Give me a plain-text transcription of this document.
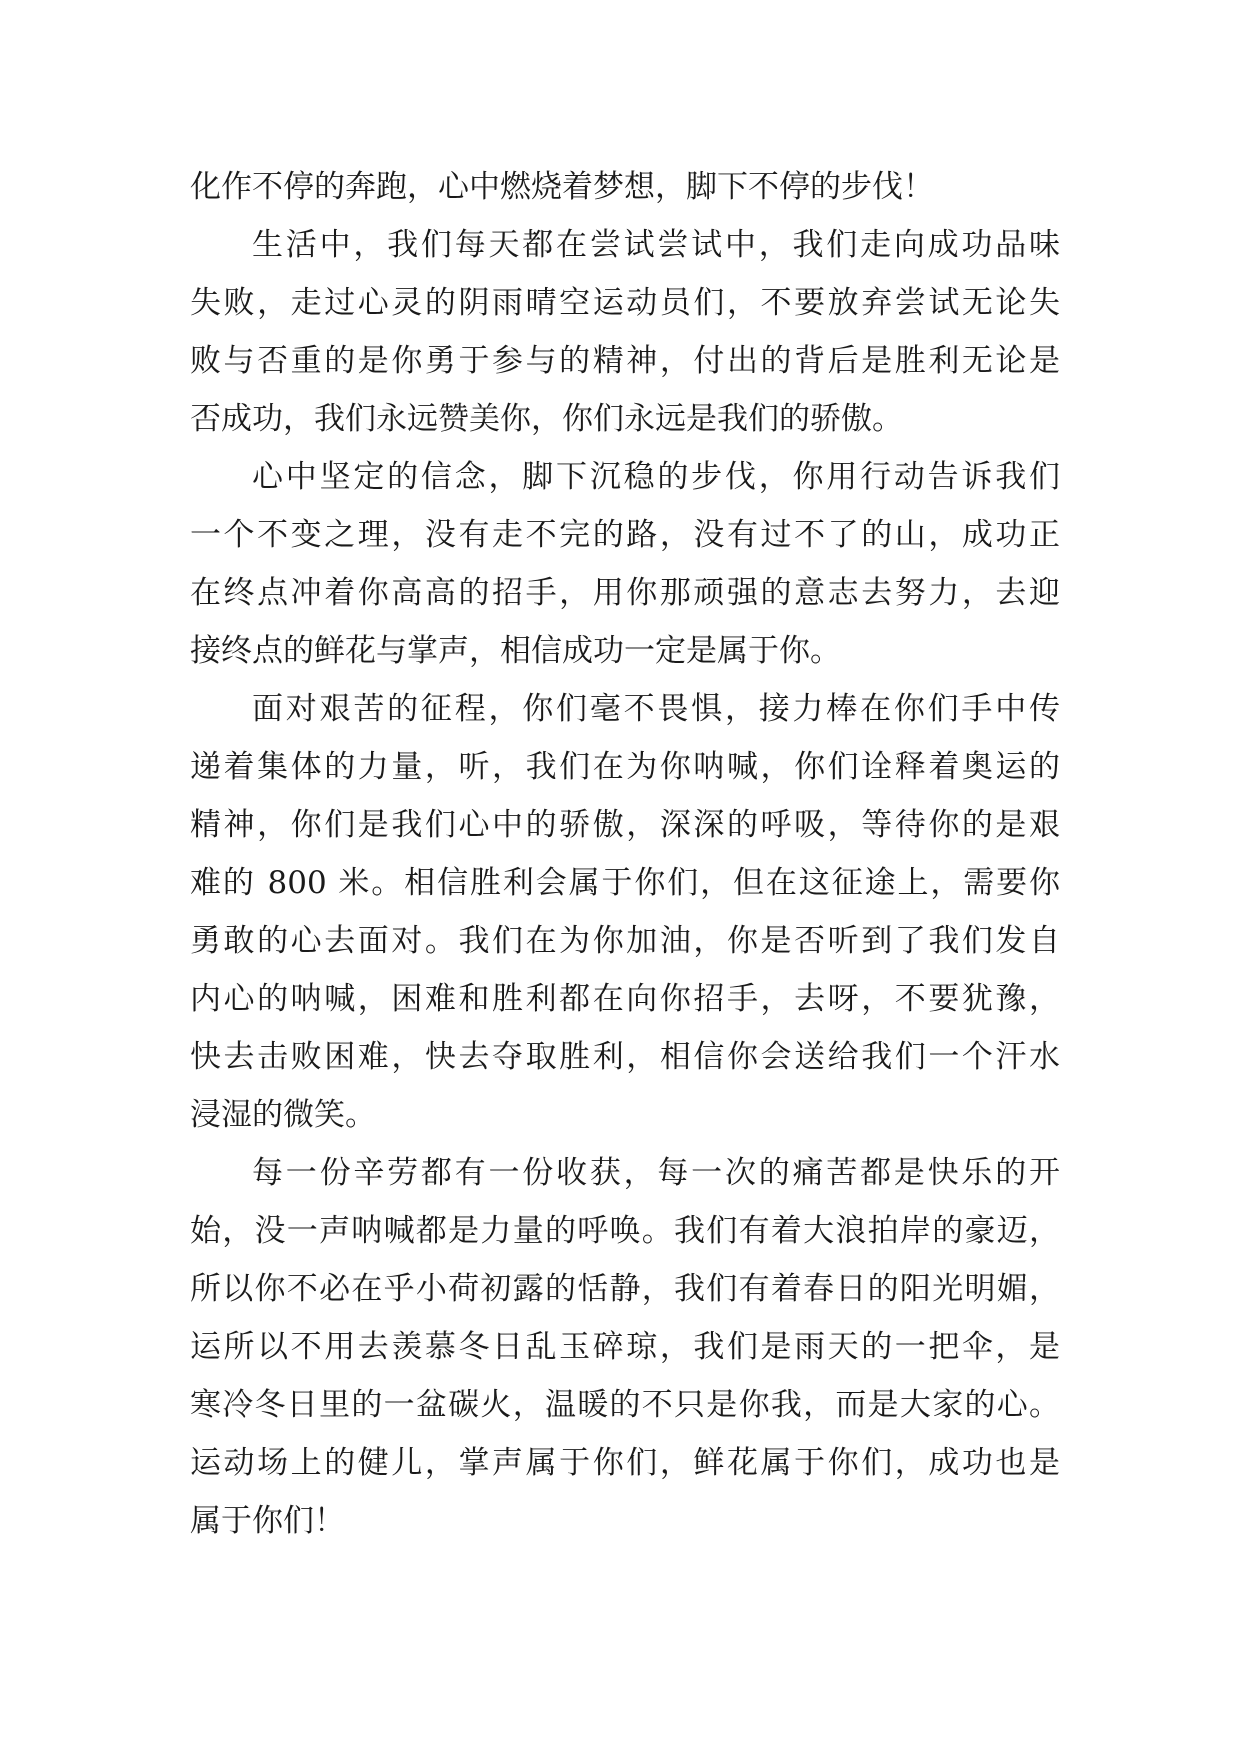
化作不停的奔跑，心中燃烧着梦想，脚下不停的步伐！
生活中，我们每天都在尝试尝试中，我们走向成功品味
失败，走过心灵的阴雨晴空运动员们，不要放弃尝试无论失
败与否重的是你勇于参与的精神，付出的背后是胜利无论是
否成功，我们永远赞美你，你们永远是我们的骄傲。
心中坚定的信念，脚下沉稳的步伐，你用行动告诉我们
一个不变之理，没有走不完的路，没有过不了的山，成功正
在终点冲着你高高的招手，用你那顽强的意志去努力，去迎
接终点的鲜花与掌声，相信成功一定是属于你。
面对艰苦的征程，你们毫不畏惧，接力棒在你们手中传
递着集体的力量，听，我们在为你呐喊，你们诠释着奥运的
精神，你们是我们心中的骄傲，深深的呼吸，等待你的是艰
难的 800 米。相信胜利会属于你们，但在这征途上，需要你
勇敢的心去面对。我们在为你加油，你是否听到了我们发自
内心的呐喊，困难和胜利都在向你招手，去呀，不要犹豫，
快去击败困难，快去夺取胜利，相信你会送给我们一个汗水
浸湿的微笑。
每一份辛劳都有一份收获，每一次的痛苦都是快乐的开
始，没一声呐喊都是力量的呼唤。我们有着大浪拍岸的豪迈，
所以你不必在乎小荷初露的恬静，我们有着春日的阳光明媚，
运所以不用去羡慕冬日乱玉碎琼，我们是雨天的一把伞，是
寒冷冬日里的一盆碳火，温暖的不只是你我，而是大家的心。
运动场上的健儿，掌声属于你们，鲜花属于你们，成功也是
属于你们！
